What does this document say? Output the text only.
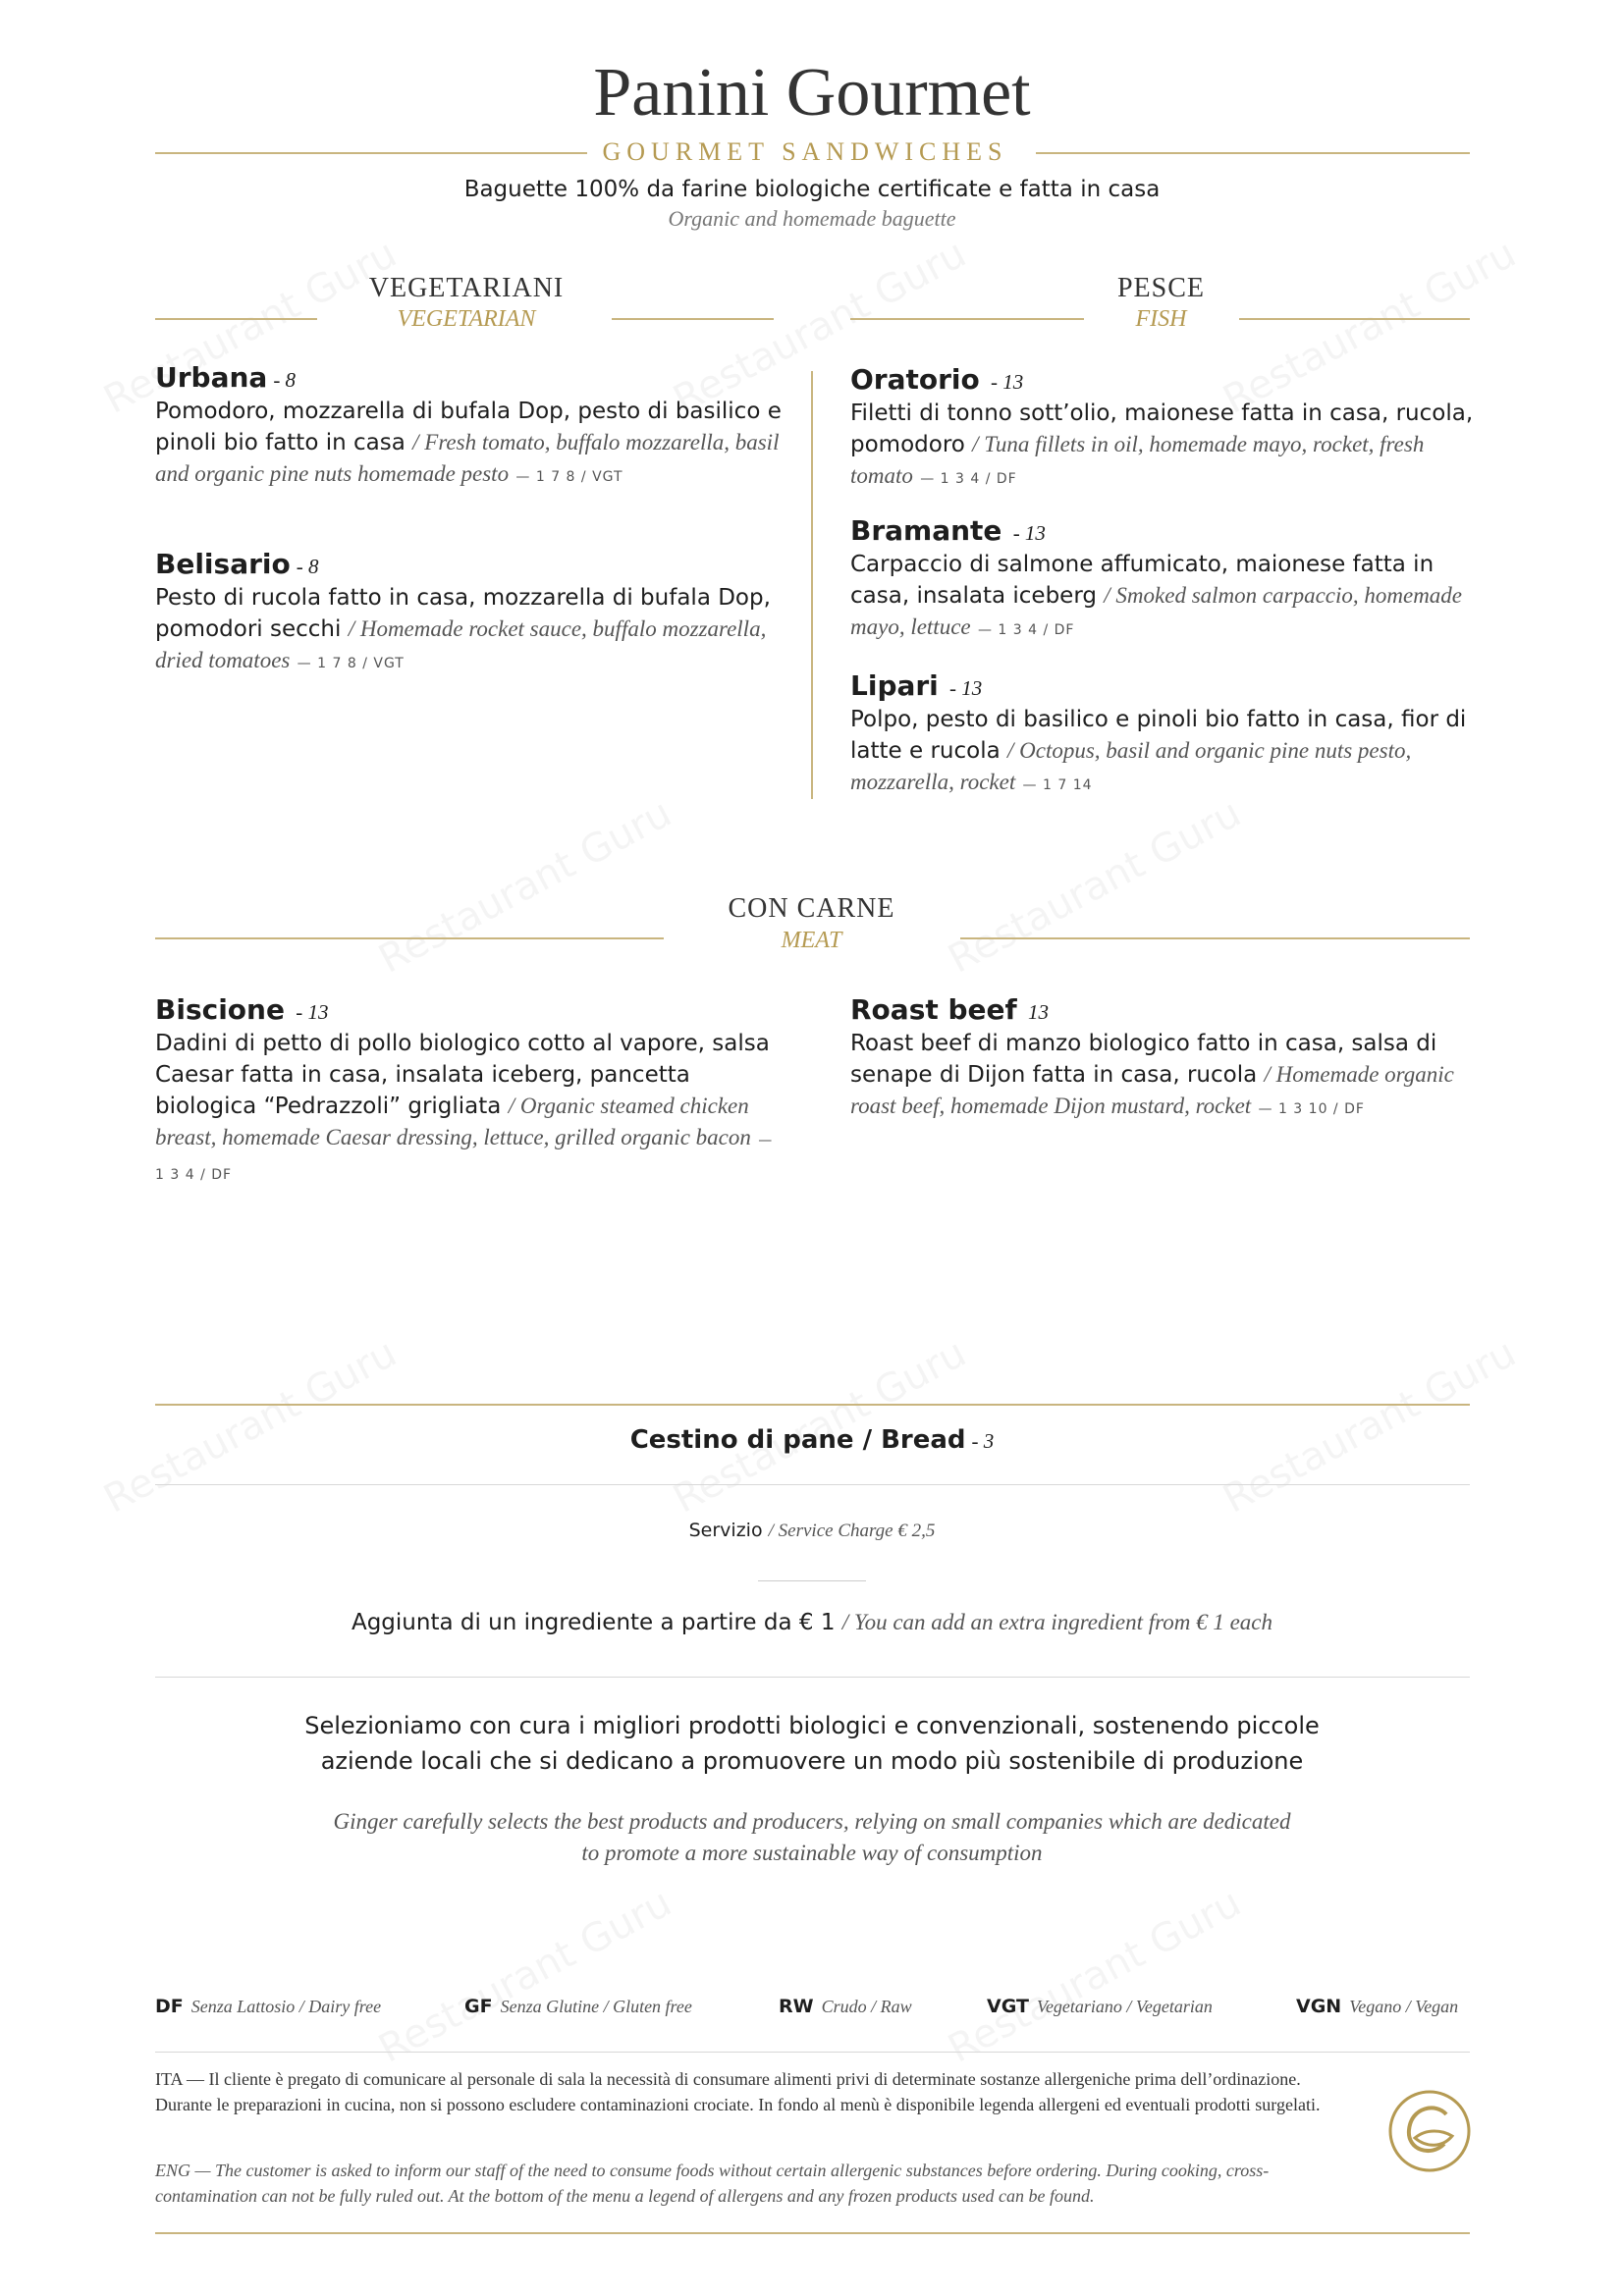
Panini Gourmet
GOURMET SANDWICHES
Baguette 100% da farine biologiche certificate e fatta in casa
Organic and homemade baguette
VEGETARIANI
VEGETARIAN
PESCE
FISH
Urbana - 8
Pomodoro, mozzarella di bufala Dop, pesto di basilico e pinoli bio fatto in casa / Fresh tomato, buffalo mozzarella, basil and organic pine nuts homemade pesto — 1 7 8 / VGT
Belisario - 8
Pesto di rucola fatto in casa, mozzarella di bufala Dop, pomodori secchi / Homemade rocket sauce, buffalo mozzarella, dried tomatoes — 1 7 8 / VGT
Oratorio - 13
Filetti di tonno sott’olio, maionese fatta in casa, rucola, pomodoro / Tuna fillets in oil, homemade mayo, rocket, fresh tomato — 1 3 4 / DF
Bramante - 13
Carpaccio di salmone affumicato, maionese fatta in casa, insalata iceberg / Smoked salmon carpaccio, homemade mayo, lettuce — 1 3 4 / DF
Lipari - 13
Polpo, pesto di basilico e pinoli bio fatto in casa, fior di latte e rucola / Octopus, basil and organic pine nuts pesto, mozzarella, rocket — 1 7 14
CON CARNE
MEAT
Biscione - 13
Dadini di petto di pollo biologico cotto al vapore, salsa Caesar fatta in casa, insalata iceberg, pancetta biologica “Pedrazzoli” grigliata / Organic steamed chicken breast, homemade Caesar dressing, lettuce, grilled organic bacon — 1 3 4 / DF
Roast beef 13
Roast beef di manzo biologico fatto in casa, salsa di senape di Dijon fatta in casa, rucola / Homemade organic roast beef, homemade Dijon mustard, rocket — 1 3 10 / DF
Cestino di pane / Bread - 3
Servizio / Service Charge € 2,5
Aggiunta di un ingrediente a partire da € 1 / You can add an extra ingredient from € 1 each
Selezioniamo con cura i migliori prodotti biologici e convenzionali, sostenendo piccole aziende locali che si dedicano a promuovere un modo più sostenibile di produzione
Ginger carefully selects the best products and producers, relying on small companies which are dedicated to promote a more sustainable way of consumption
DF Senza Lattosio / Dairy free	GF Senza Glutine / Gluten free	RW Crudo / Raw	VGT Vegetariano / Vegetarian	VGN Vegano / Vegan
ITA — Il cliente è pregato di comunicare al personale di sala la necessità di consumare alimenti privi di determinate sostanze allergeniche prima dell’ordinazione. Durante le preparazioni in cucina, non si possono escludere contaminazioni crociate. In fondo al menù è disponibile legenda allergeni ed eventuali prodotti surgelati.
ENG — The customer is asked to inform our staff of the need to consume foods without certain allergenic substances before ordering. During cooking, cross-contamination can not be fully ruled out. At the bottom of the menu a legend of allergens and any frozen products used can be found.
